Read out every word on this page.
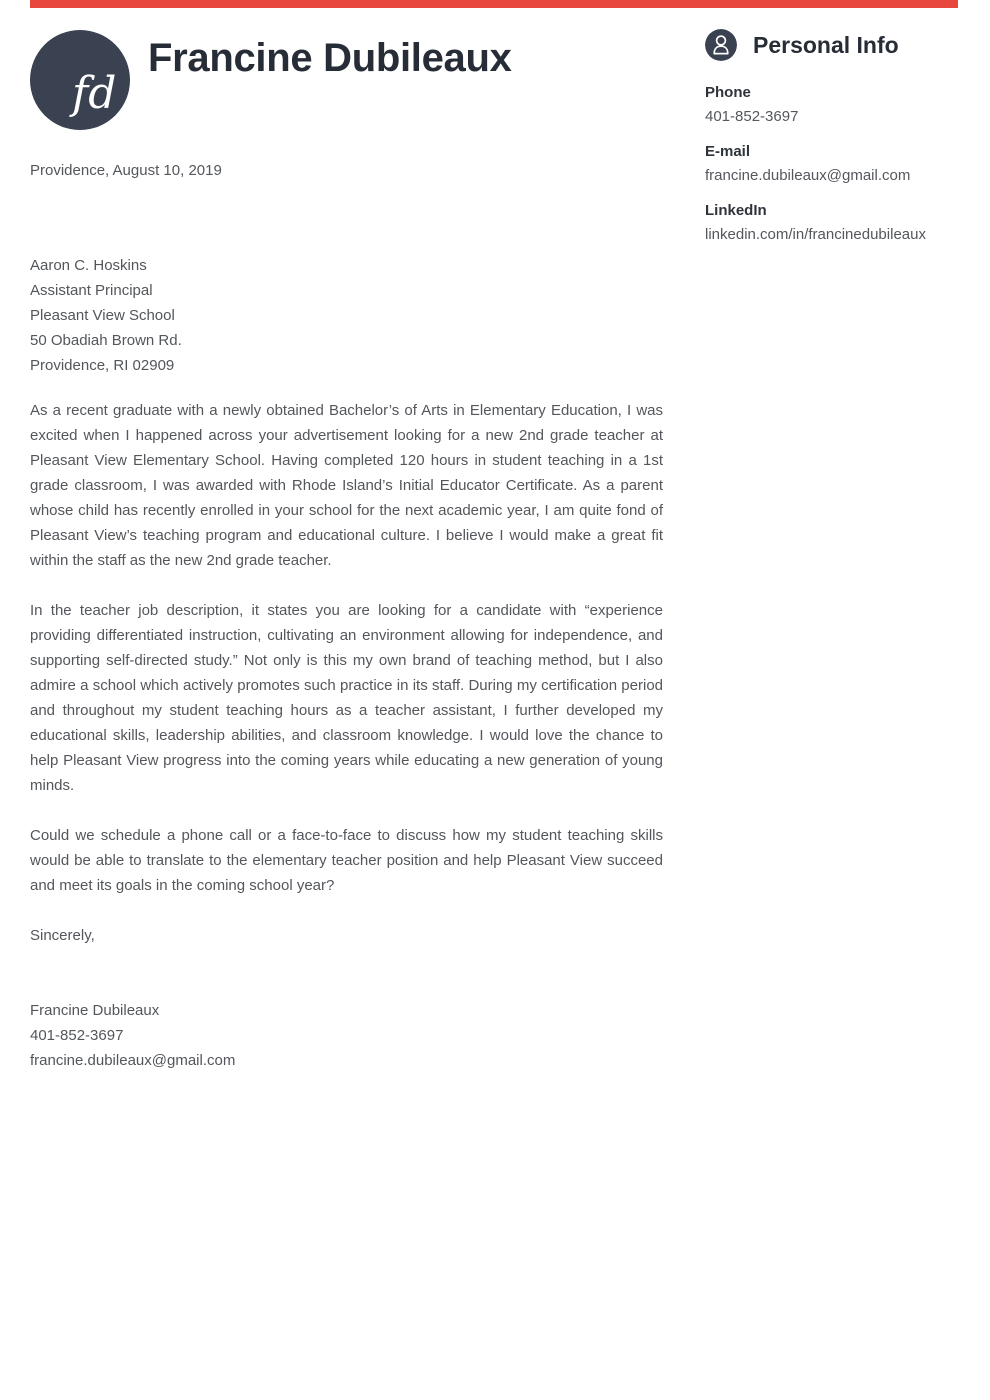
fd
Francine Dubileaux
Providence, August 10, 2019
Aaron C. Hoskins
Assistant Principal
Pleasant View School
50 Obadiah Brown Rd.
Providence, RI 02909

As a recent graduate with a newly obtained Bachelor’s of Arts in Elementary Education, I was excited when I happened across your advertisement looking for a new 2nd grade teacher at Pleasant View Elementary School. Having completed 120 hours in student teaching in a 1st grade classroom, I was awarded with Rhode Island’s Initial Educator Certificate. As a parent whose child has recently enrolled in your school for the next academic year, I am quite fond of Pleasant View’s teaching program and educational culture. I believe I would make a great fit within the staff as the new 2nd grade teacher.

In the teacher job description, it states you are looking for a candidate with “experience providing differentiated instruction, cultivating an environment allowing for independence, and supporting self-directed study.” Not only is this my own brand of teaching method, but I also admire a school which actively promotes such practice in its staff. During my certification period and throughout my student teaching hours as a teacher assistant, I further developed my educational skills, leadership abilities, and classroom knowledge. I would love the chance to help Pleasant View progress into the coming years while educating a new generation of young minds.

Could we schedule a phone call or a face-to-face to discuss how my student teaching skills would be able to translate to the elementary teacher position and help Pleasant View succeed and meet its goals in the coming school year?

Sincerely,
Francine Dubileaux
401-852-3697
francine.dubileaux@gmail.com
Personal Info
Phone
401-852-3697
E-mail
francine.dubileaux@gmail.com
LinkedIn
linkedin.com/in/francinedubileaux
